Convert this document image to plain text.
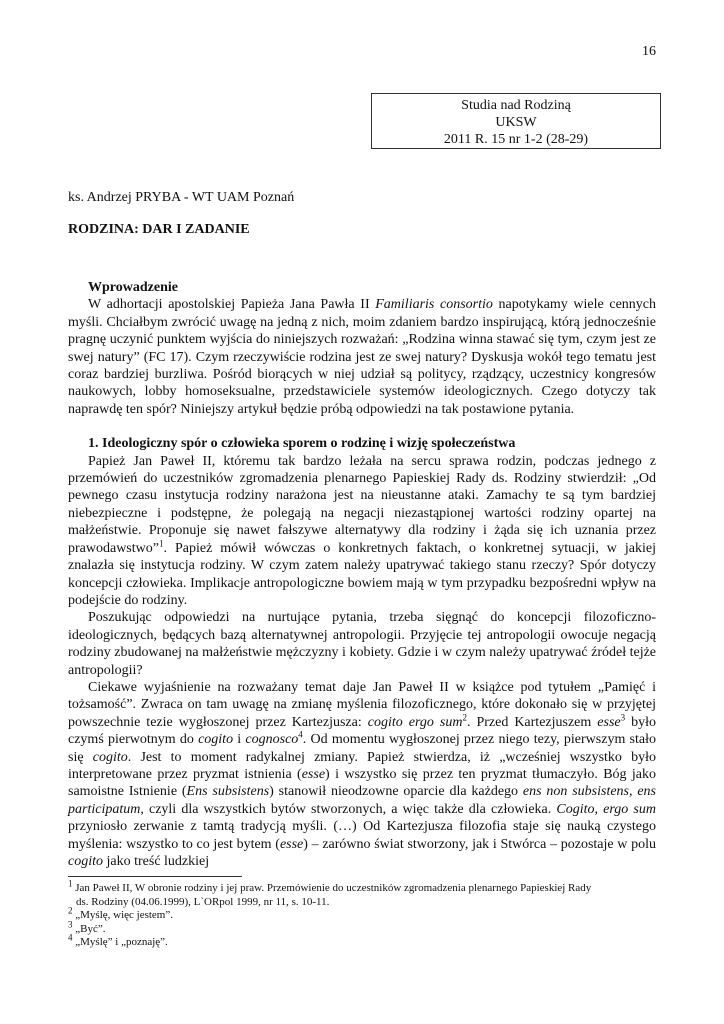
16
Studia nad Rodziną
UKSW
2011 R. 15 nr 1-2 (28-29)
ks. Andrzej PRYBA - WT UAM Poznań
RODZINA: DAR I ZADANIE
Wprowadzenie

W adhortacji apostolskiej Papieża Jana Pawła II Familiaris consortio napotykamy wiele cennych myśli. Chciałbym zwrócić uwagę na jedną z nich, moim zdaniem bardzo inspirującą, którą jednocześnie pragnę uczynić punktem wyjścia do niniejszych rozważań: „Rodzina winna stawać się tym, czym jest ze swej natury” (FC 17). Czym rzeczywiście rodzina jest ze swej natury? Dyskusja wokół tego tematu jest coraz bardziej burzliwa. Pośród biorących w niej udział są politycy, rządzący, uczestnicy kongresów naukowych, lobby homoseksualne, przedstawiciele systemów ideologicznych. Czego dotyczy tak naprawdę ten spór? Niniejszy artykuł będzie próbą odpowiedzi na tak postawione pytania.

1. Ideologiczny spór o człowieka sporem o rodzinę i wizję społeczeństwa

Papież Jan Paweł II, któremu tak bardzo leżała na sercu sprawa rodzin, podczas jednego z przemówień do uczestników zgromadzenia plenarnego Papieskiej Rady ds. Rodziny stwierdził: „Od pewnego czasu instytucja rodziny narażona jest na nieustanne ataki. Zamachy te są tym bardziej niebezpieczne i podstępne, że polegają na negacji niezastąpionej wartości rodziny opartej na małżeństwie. Proponuje się nawet fałszywe alternatywy dla rodziny i żąda się ich uznania przez prawodawstwo”$^1$. Papież mówił wówczas o konkretnych faktach, o konkretnej sytuacji, w jakiej znalazła się instytucja rodziny. W czym zatem należy upatrywać takiego stanu rzeczy? Spór dotyczy koncepcji człowieka. Implikacje antropologiczne bowiem mają w tym przypadku bezpośredni wpływ na podejście do rodziny.

Poszukując odpowiedzi na nurtujące pytania, trzeba sięgnąć do koncepcji filozoficzno-ideologicznych, będących bazą alternatywnej antropologii. Przyjęcie tej antropologii owocuje negacją rodziny zbudowanej na małżeństwie mężczyzny i kobiety. Gdzie i w czym należy upatrywać źródeł tejże antropologii?

Ciekawe wyjaśnienie na rozważany temat daje Jan Paweł II w książce pod tytułem „Pamięć i tożsamość”. Zwraca on tam uwagę na zmianę myślenia filozoficznego, które dokonało się w przyjętej powszechnie tezie wygłoszonej przez Kartezjusza: cogito ergo sum$^2$. Przed Kartezjuszem esse$^3$ było czymś pierwotnym do cogito i cognosco$^4$. Od momentu wygłoszonej przez niego tezy, pierwszym stało się cogito. Jest to moment radykalnej zmiany. Papież stwierdza, iż „wcześniej wszystko było interpretowane przez pryzmat istnienia (esse) i wszystko się przez ten pryzmat tłumaczyło. Bóg jako samoistne Istnienie (Ens subsistens) stanowił nieodzowne oparcie dla każdego ens non subsistens, ens participatum, czyli dla wszystkich bytów stworzonych, a więc także dla człowieka. Cogito, ergo sum przyniosło zerwanie z tamtą tradycją myśli. (…) Od Kartezjusza filozofia staje się nauką czystego myślenia: wszystko to co jest bytem (esse) – zarówno świat stworzony, jak i Stwórca – pozostaje w polu cogito jako treść ludzkiej

$^1$ Jan Paweł II, W obronie rodziny i jej praw. Przemówienie do uczestników zgromadzenia plenarnego Papieskiej Rady
ds. Rodziny (04.06.1999), L`ORpol 1999, nr 11, s. 10-11.
$^2$ „Myślę, więc jestem”.
$^3$ „Być”.
$^4$ „Myślę” i „poznaję”.
